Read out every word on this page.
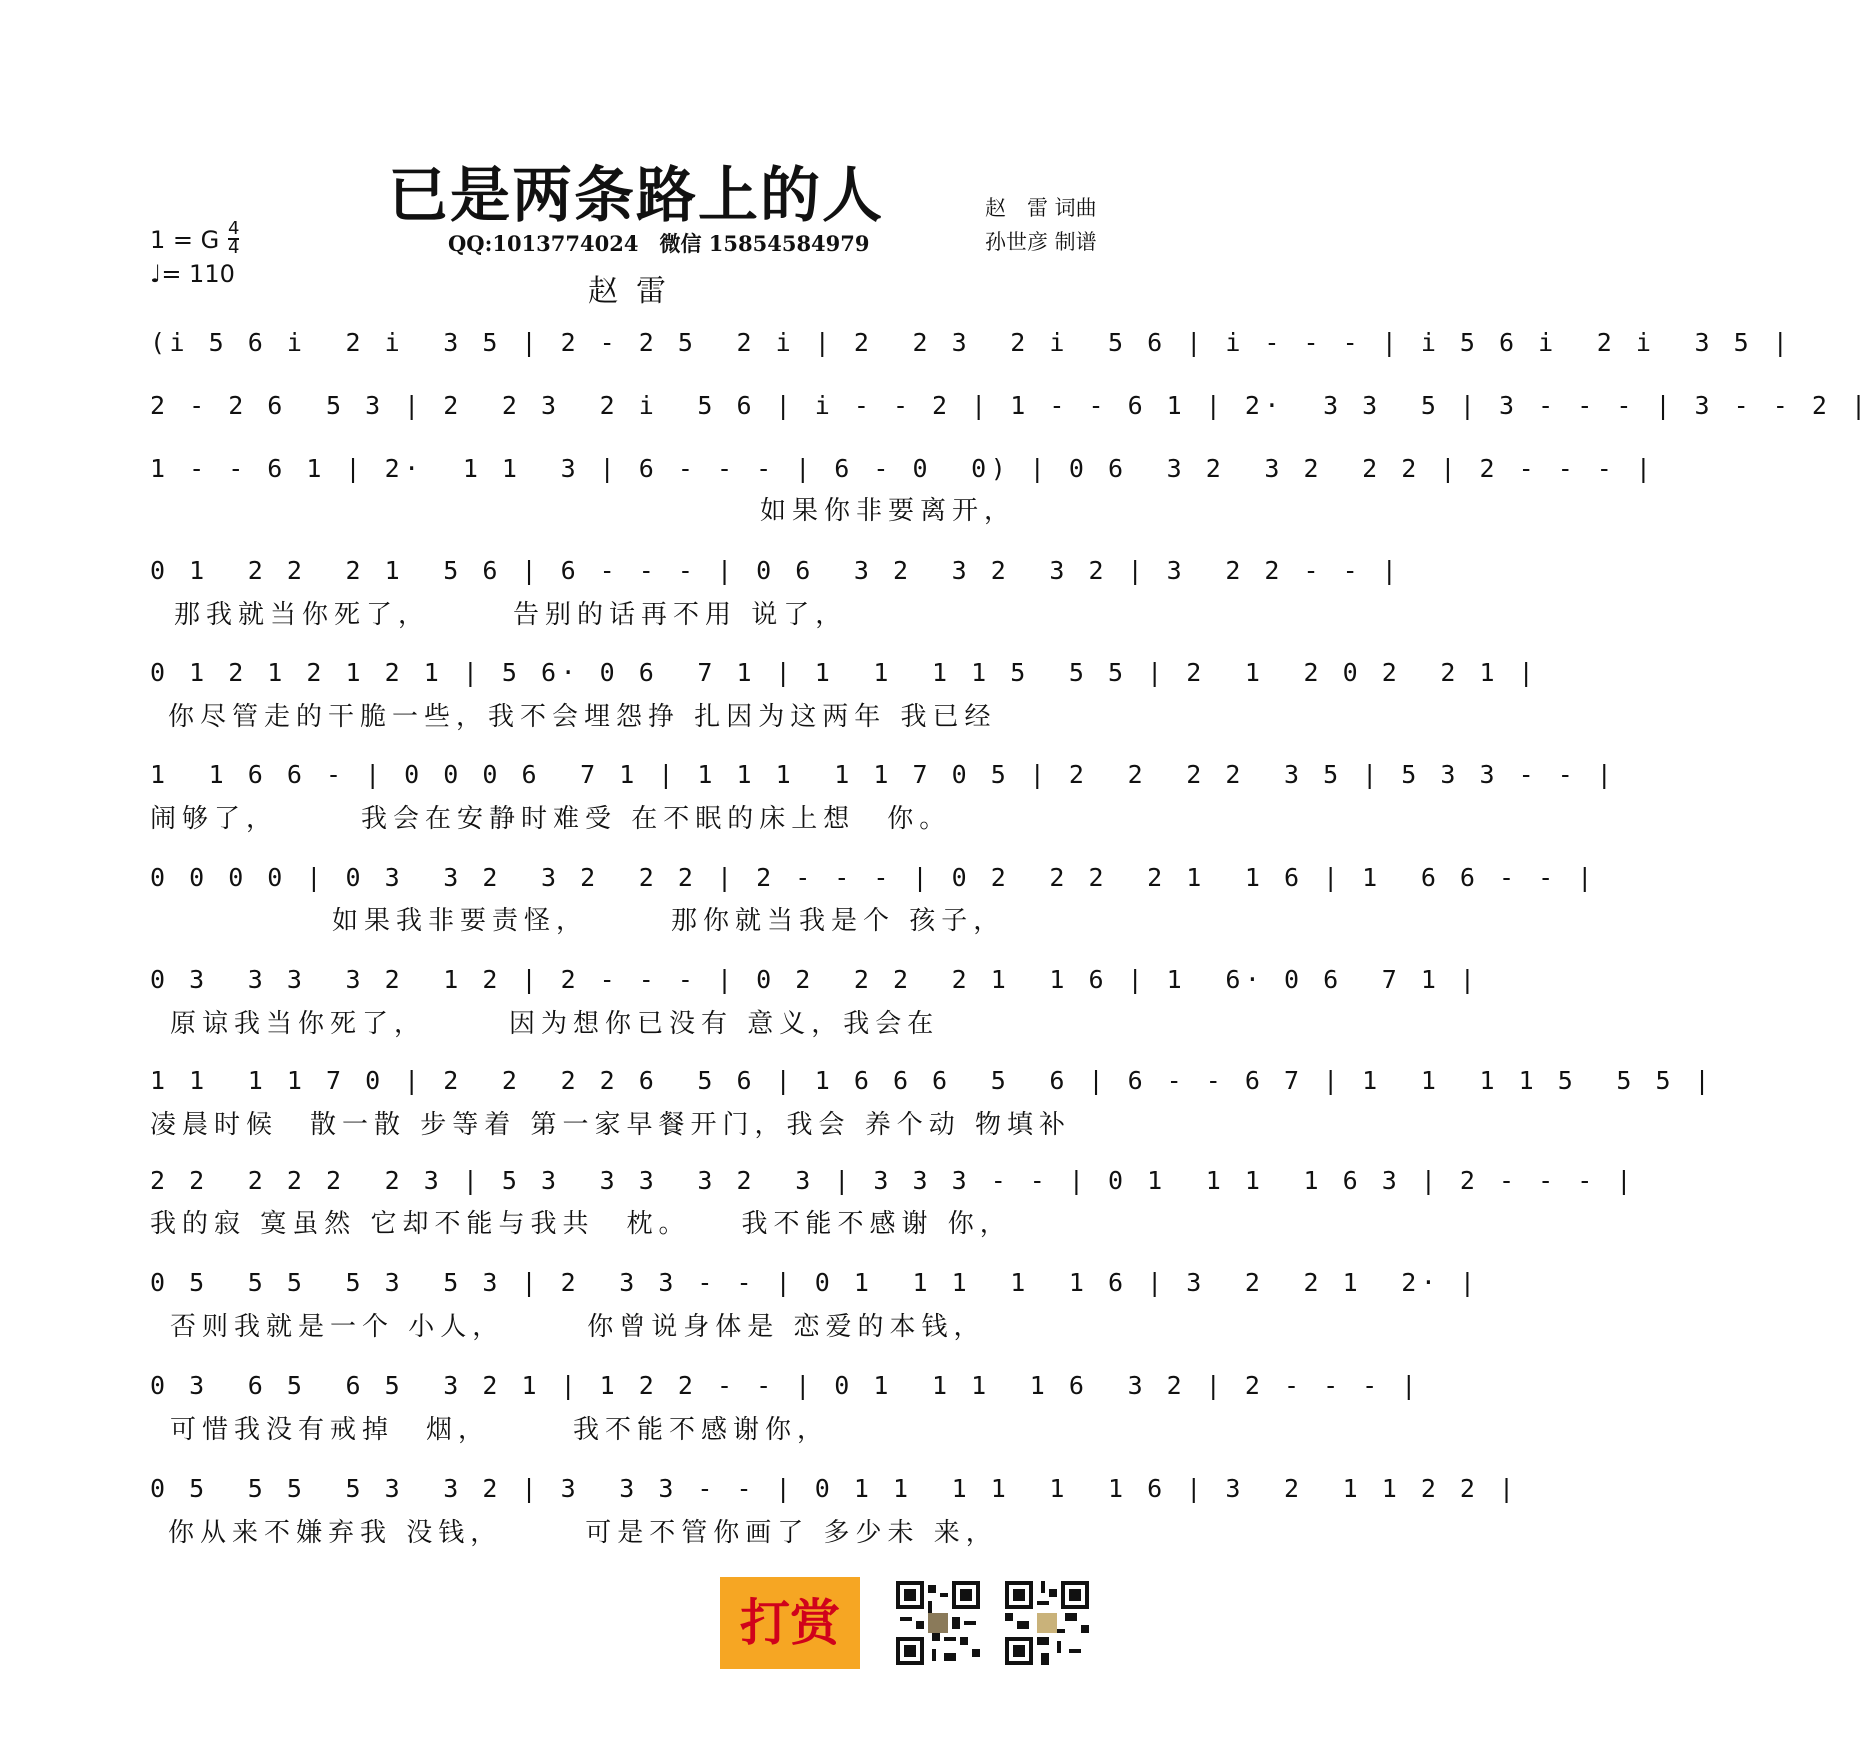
已是两条路上的人	赵　雷 词曲
孙世彦 制谱
QQ:1013774024　微信 15854584979
赵雷
1 = G 4
4
♩= 110
(i 5 6 i  2 i  3 5 | 2 - 2 5  2 i | 2  2 3  2 i  5 6 | i - - - | i 5 6 i  2 i  3 5 |
2 - 2 6  5 3 | 2  2 3  2 i  5 6 | i - - 2 | 1 - - 6 1 | 2·  3 3  5 | 3 - - - | 3 - - 2 |
1 - - 6 1 | 2·  1 1  3 | 6 - - - | 6 - 0  0) | 0 6  3 2  3 2  2 2 | 2 - - - |
如果你非要离开，
0 1  2 2  2 1  5 6 | 6 - - - | 0 6  3 2  3 2  3 2 | 3  2 2 - - |
那我就当你死了，　　　告别的话再不用 说了，
0 1 2 1 2 1 2 1 | 5 6· 0 6  7 1 | 1  1  1 1 5  5 5 | 2  1  2 0 2  2 1 |
你尽管走的干脆一些，我不会埋怨挣 扎因为这两年 我已经
1  1 6 6 - | 0 0 0 6  7 1 | 1 1 1  1 1 7 0 5 | 2  2  2 2  3 5 | 5 3 3 - - |
闹够了，　　　我会在安静时难受 在不眠的床上想　你。
0 0 0 0 | 0 3  3 2  3 2  2 2 | 2 - - - | 0 2  2 2  2 1  1 6 | 1  6 6 - - |
　如果我非要责怪，　　　那你就当我是个 孩子，
0 3  3 3  3 2  1 2 | 2 - - - | 0 2  2 2  2 1  1 6 | 1  6· 0 6  7 1 |
原谅我当你死了，　　　因为想你已没有 意义，我会在
1 1  1 1 7 0 | 2  2  2 2 6  5 6 | 1 6 6 6  5  6 | 6 - - 6 7 | 1  1  1 1 5  5 5 |
凌晨时候　散一散 步等着 第一家早餐开门，我会 养个动 物填补
2 2  2 2 2  2 3 | 5 3  3 3  3 2  3 | 3 3 3 - - | 0 1  1 1  1 6 3 | 2 - - - |
我的寂 寞虽然 它却不能与我共　枕。　　我不能不感谢 你，
0 5  5 5  5 3  5 3 | 2  3 3 - - | 0 1  1 1  1  1 6 | 3  2  2 1  2· |
否则我就是一个 小人，　　　你曾说身体是 恋爱的本钱，
0 3  6 5  6 5  3 2 1 | 1 2 2 - - | 0 1  1 1  1 6  3 2 | 2 - - - |
可惜我没有戒掉　烟，　　　我不能不感谢你，
0 5  5 5  5 3  3 2 | 3  3 3 - - | 0 1 1  1 1  1  1 6 | 3  2  1 1 2 2 |
你从来不嫌弃我 没钱，　　　可是不管你画了 多少未 来，
打赏
